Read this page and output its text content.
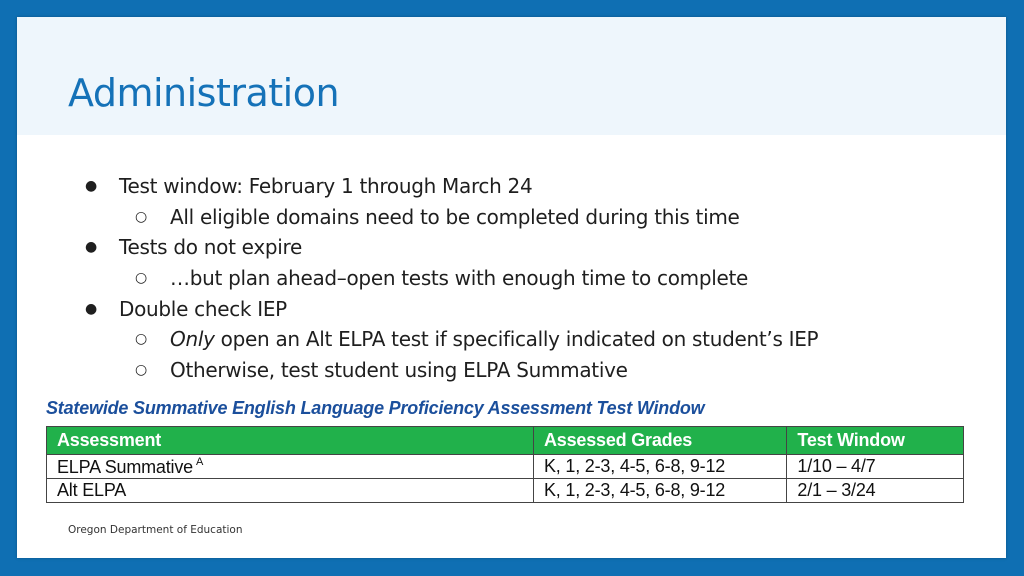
Administration
● Test window: February 1 through March 24
○ All eligible domains need to be completed during this time
● Tests do not expire
○ …but plan ahead–open tests with enough time to complete
● Double check IEP
○ Only open an Alt ELPA test if specifically indicated on student’s IEP
○ Otherwise, test student using ELPA Summative
Statewide Summative English Language Proficiency Assessment Test Window
Assessment	Assessed Grades	Test Window
ELPA Summative $^A$	K, 1, 2-3, 4-5, 6-8, 9-12	1/10 – 4/7
Alt ELPA	K, 1, 2-3, 4-5, 6-8, 9-12	2/1 – 3/24
Oregon Department of Education
